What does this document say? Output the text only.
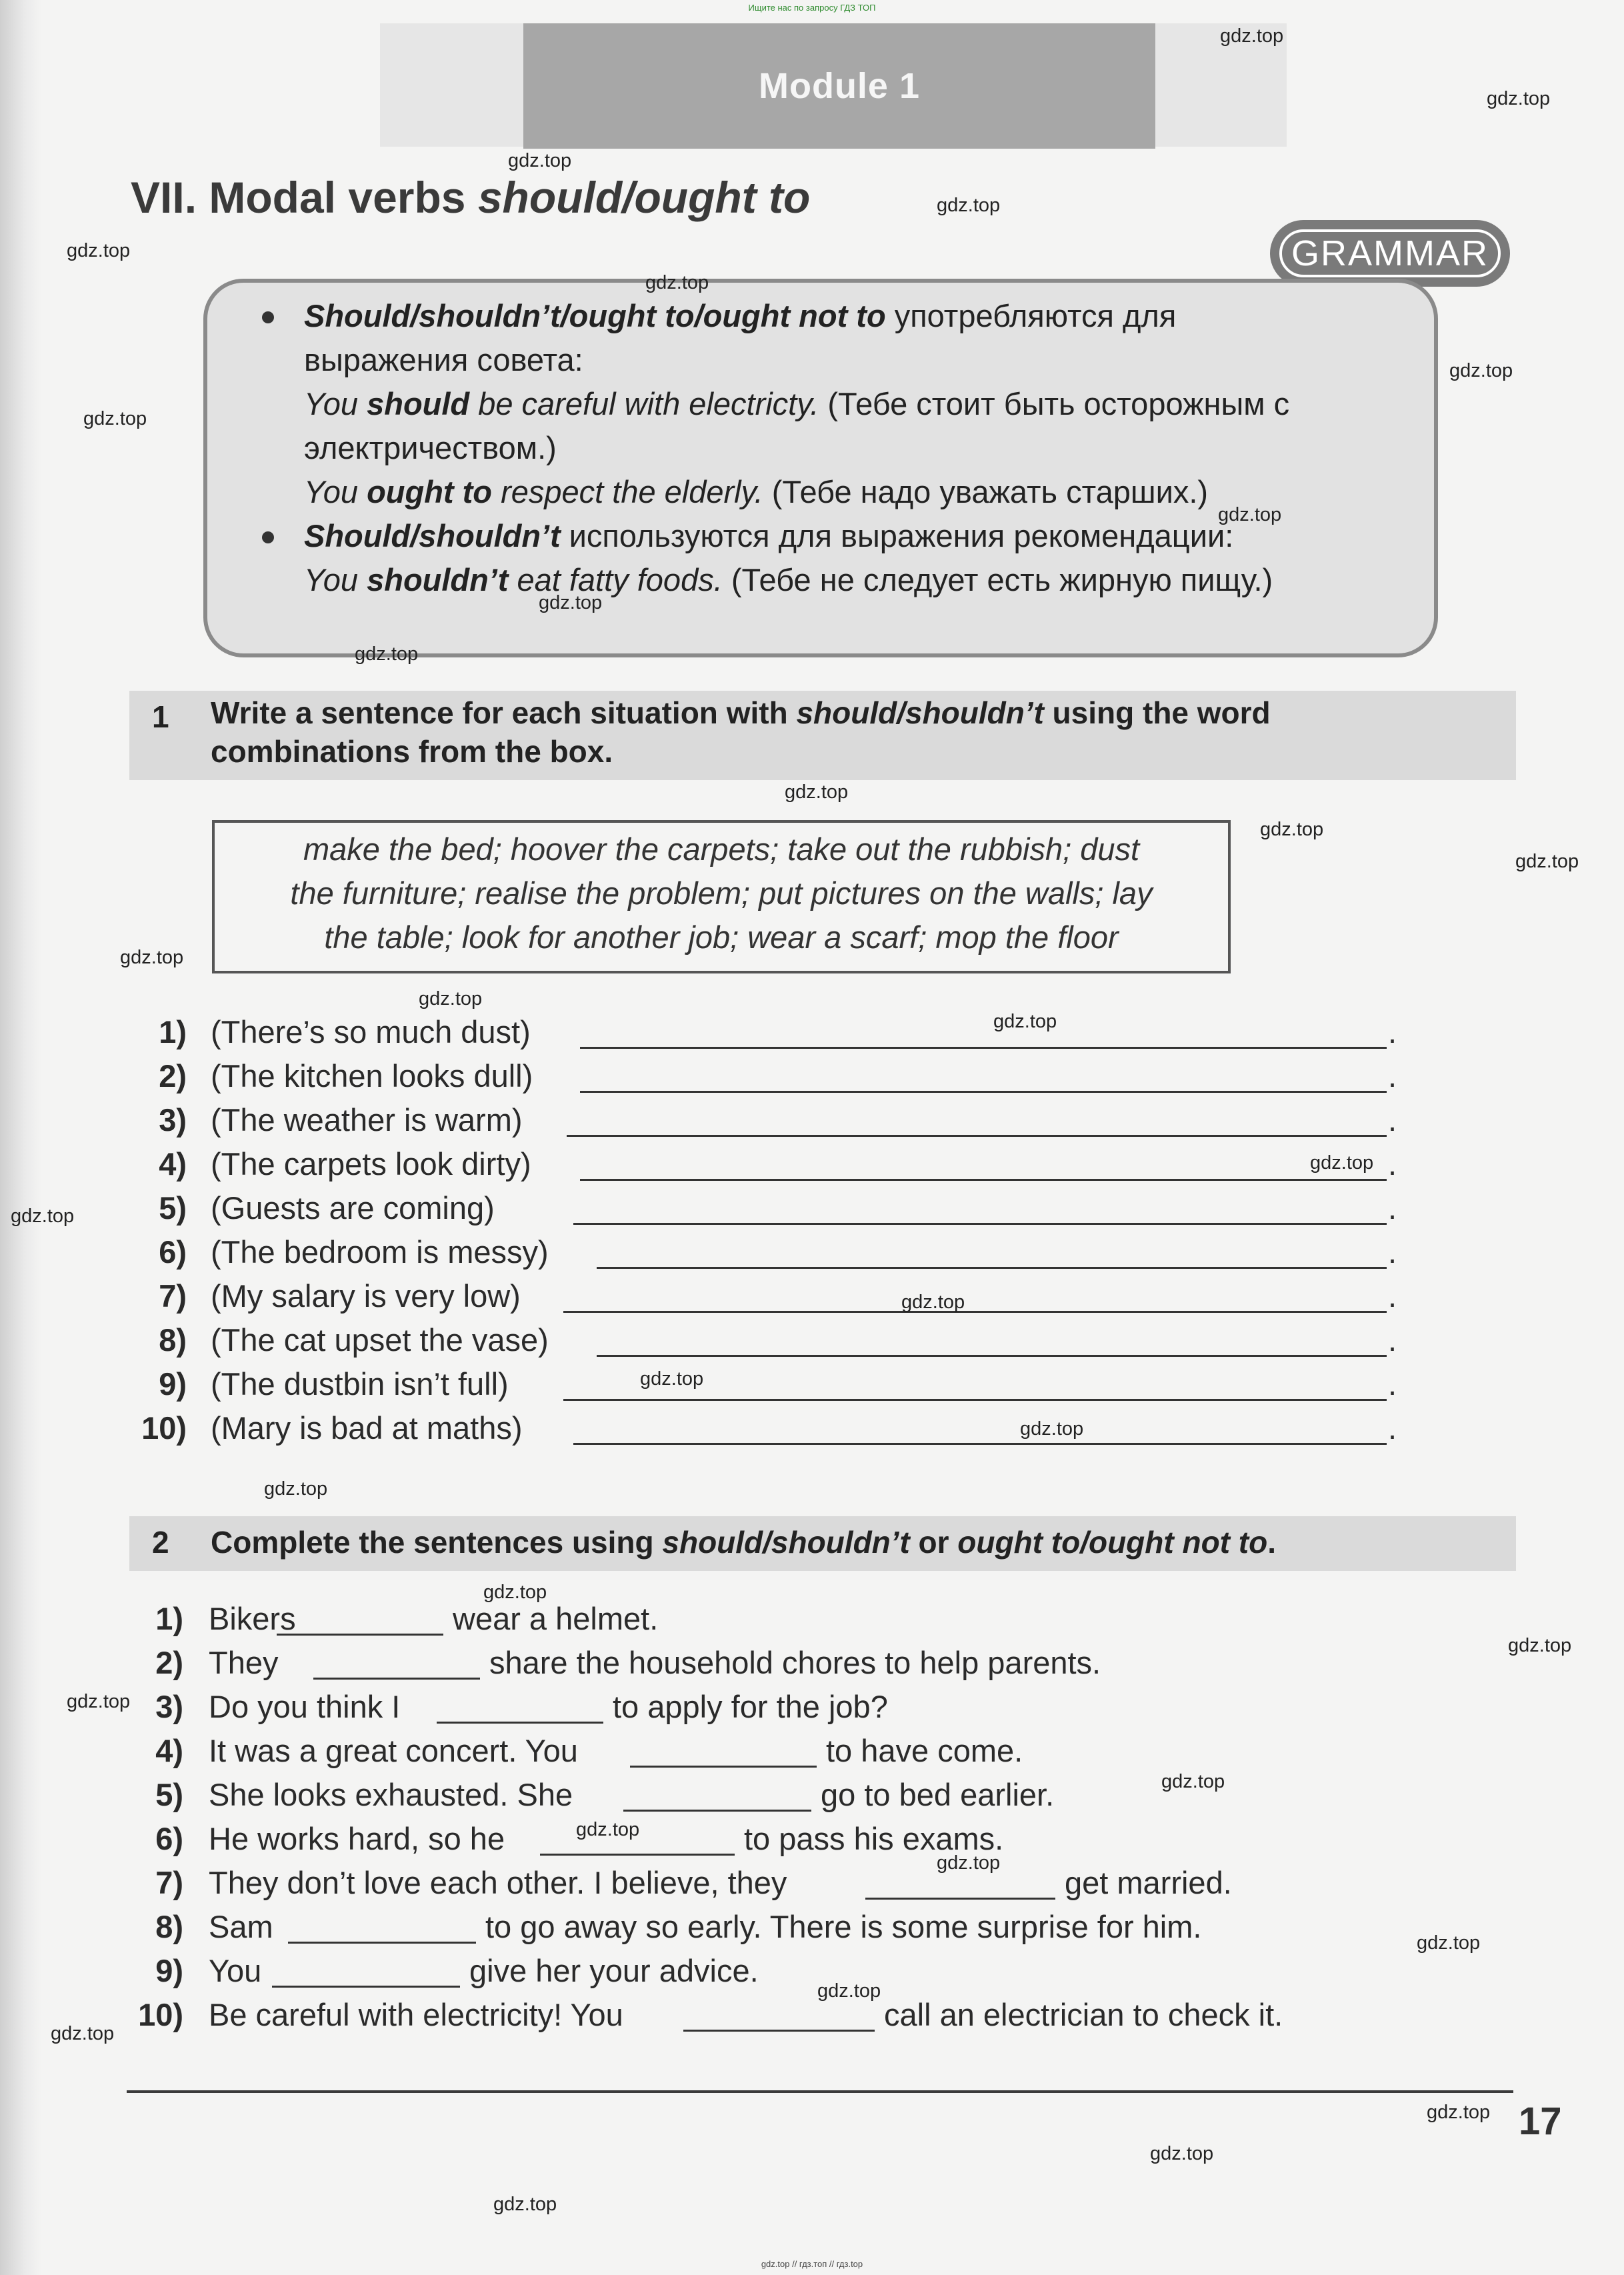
Ищите нас по запросу ГДЗ ТОП
Module 1
VII. Modal verbs should/ought to
GRAMMAR
Should/shouldn’t/ought to/ought not to употребляются для
выражения совета:
You should be careful with electricty. (Тебе стоит быть осторожным с
электричеством.)
You ought to respect the elderly. (Тебе надо уважать старших.)
Should/shouldn’t используются для выражения рекомендации:
You shouldn’t eat fatty foods. (Тебе не следует есть жирную пищу.)
1 Write a sentence for each situation with should/shouldn’t using the word
combinations from the box.
make the bed; hoover the carpets; take out the rubbish; dust
the furniture; realise the problem; put pictures on the walls; lay
the table; look for another job; wear a scarf; mop the floor
1) (There’s so much dust)	.
2) (The kitchen looks dull)	.
3) (The weather is warm)	.
4) (The carpets look dirty)	.
5) (Guests are coming)	.
6) (The bedroom is messy)	.
7) (My salary is very low)	.
8) (The cat upset the vase)	.
9) (The dustbin isn’t full)	.
10) (Mary is bad at maths)	.
2 Complete the sentences using should/shouldn’t or ought to/ought not to.
1) Bikers	wear a helmet.
2) They	share the household chores to help parents.
3) Do you think I	to apply for the job?
4) It was a great concert. You	to have come.
5) She looks exhausted. She	go to bed earlier.
6) He works hard, so he	to pass his exams.
7) They don’t love each other. I believe, they	get married.
8) Sam	to go away so early. There is some surprise for him.
9) You	give her your advice.
10) Be careful with electricity! You	call an electrician to check it.
17
gdz.top
gdz.top
gdz.top
gdz.top
gdz.top
gdz.top
gdz.top
gdz.top
gdz.top
gdz.top
gdz.top
gdz.top
gdz.top
gdz.top
gdz.top
gdz.top
gdz.top
gdz.top
gdz.top
gdz.top
gdz.top
gdz.top
gdz.top
gdz.top
gdz.top
gdz.top
gdz.top
gdz.top
gdz.top
gdz.top
gdz.top
gdz.top
gdz.top
gdz.top
gdz.top
gdz.top // гдз.топ // гдз.top
